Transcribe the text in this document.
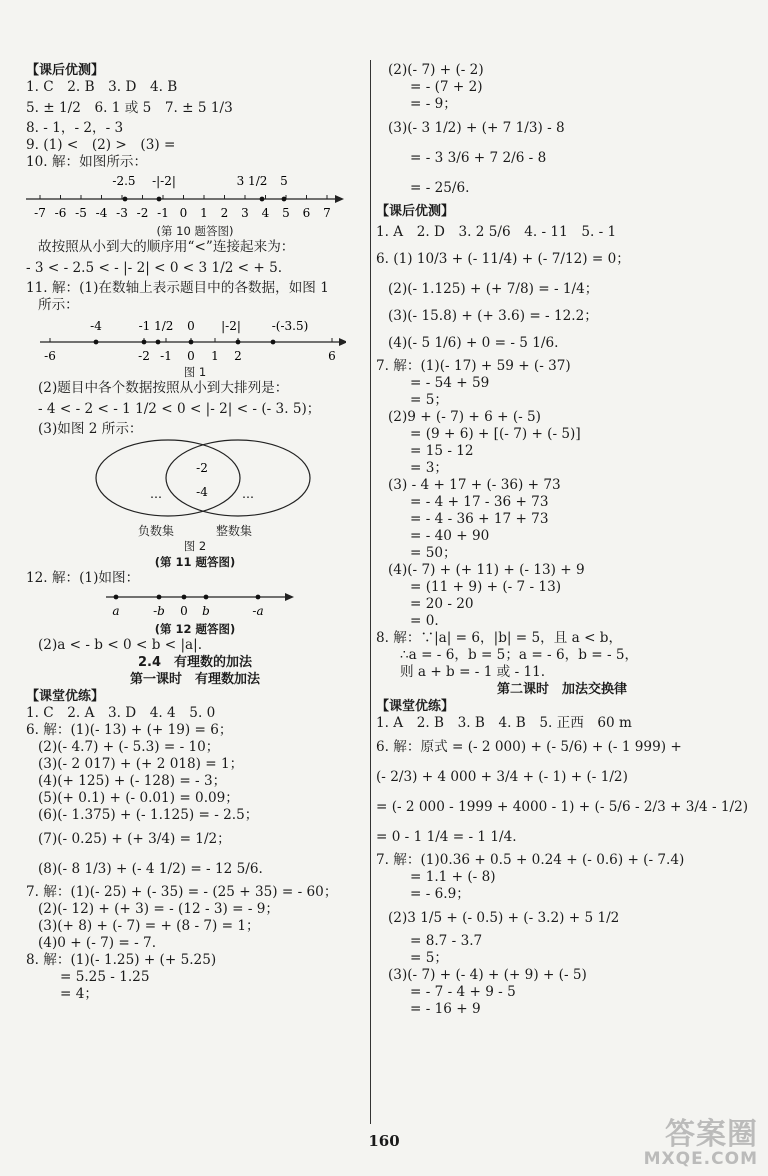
【课后优测】
1. C　2. B　3. D　4. B
5. ± 1/2　6. 1 或 5　7. ± 5 1/3
8. - 1，- 2，- 3
9. (1) <　(2) >　(3) =
10. 解：如图所示：
-2.5 -|-2|	3 1/2 5
-7 -6 -5 -4 -3 -2 -1 0 1 2 3 4 5 6 7
(第 10 题答图)
故按照从小到大的顺序用“<”连接起来为：
- 3 < - 2.5 < - |- 2| < 0 < 3 1/2 < + 5.
11. 解：(1)在数轴上表示题目中的各数据，如图 1
所示：
-4	-1 1/2 0 |-2|	-(-3.5)
-6	-2 -1 0 1 2	6
图 1
(2)题目中各个数据按照从小到大排列是：
- 4 < - 2 < - 1 1/2 < 0 < |- 2| < - (- 3. 5)；
(3)如图 2 所示：
-2
-4
…	…
负数集	整数集
图 2
(第 11 题答图)
12. 解：(1)如图：
a	-b 0 b	-a
(第 12 题答图)
(2)a < - b < 0 < b < |a|.
2.4　有理数的加法
第一课时　有理数加法
【课堂优练】
1. C　2. A　3. D　4. 4　5. 0
6. 解：(1)(- 13) + (+ 19) = 6；
(2)(- 4.7) + (- 5.3) = - 10；
(3)(- 2 017) + (+ 2 018) = 1；
(4)(+ 125) + (- 128) = - 3；
(5)(+ 0.1) + (- 0.01) = 0.09；
(6)(- 1.375) + (- 1.125) = - 2.5；
(7)(- 0.25) + (+ 3/4) = 1/2；
(8)(- 8 1/3) + (- 4 1/2) = - 12 5/6.
7. 解：(1)(- 25) + (- 35) = - (25 + 35) = - 60；
(2)(- 12) + (+ 3) = - (12 - 3) = - 9；
(3)(+ 8) + (- 7) = + (8 - 7) = 1；
(4)0 + (- 7) = - 7.
8. 解：(1)(- 1.25) + (+ 5.25)
= 5.25 - 1.25
= 4；
(2)(- 7) + (- 2)
= - (7 + 2)
= - 9；
(3)(- 3 1/2) + (+ 7 1/3) - 8
= - 3 3/6 + 7 2/6 - 8
= - 25/6.
【课后优测】
1. A　2. D　3. 2 5/6　4. - 11　5. - 1
6. (1) 10/3 + (- 11/4) + (- 7/12) = 0；
(2)(- 1.125) + (+ 7/8) = - 1/4；
(3)(- 15.8) + (+ 3.6) = - 12.2；
(4)(- 5 1/6) + 0 = - 5 1/6.
7. 解：(1)(- 17) + 59 + (- 37)
= - 54 + 59
= 5；
(2)9 + (- 7) + 6 + (- 5)
= (9 + 6) + [(- 7) + (- 5)]
= 15 - 12
= 3；
(3) - 4 + 17 + (- 36) + 73
= - 4 + 17 - 36 + 73
= - 4 - 36 + 17 + 73
= - 40 + 90
= 50；
(4)(- 7) + (+ 11) + (- 13) + 9
= (11 + 9) + (- 7 - 13)
= 20 - 20
= 0.
8. 解：∵|a| = 6，|b| = 5，且 a < b，
∴a = - 6，b = 5；a = - 6，b = - 5，
则 a + b = - 1 或 - 11.
第二课时　加法交换律
【课堂优练】
1. A　2. B　3. B　4. B　5. 正西　60 m
6. 解：原式 = (- 2 000) + (- 5/6) + (- 1 999) +
(- 2/3) + 4 000 + 3/4 + (- 1) + (- 1/2)
= (- 2 000 - 1999 + 4000 - 1) + (- 5/6 - 2/3 + 3/4 - 1/2)
= 0 - 1 1/4 = - 1 1/4.
7. 解：(1)0.36 + 0.5 + 0.24 + (- 0.6) + (- 7.4)
= 1.1 + (- 8)
= - 6.9；
(2)3 1/5 + (- 0.5) + (- 3.2) + 5 1/2
= 8.7 - 3.7
= 5；
(3)(- 7) + (- 4) + (+ 9) + (- 5)
= - 7 - 4 + 9 - 5
= - 16 + 9
160	答案圈
MXQE.COM
